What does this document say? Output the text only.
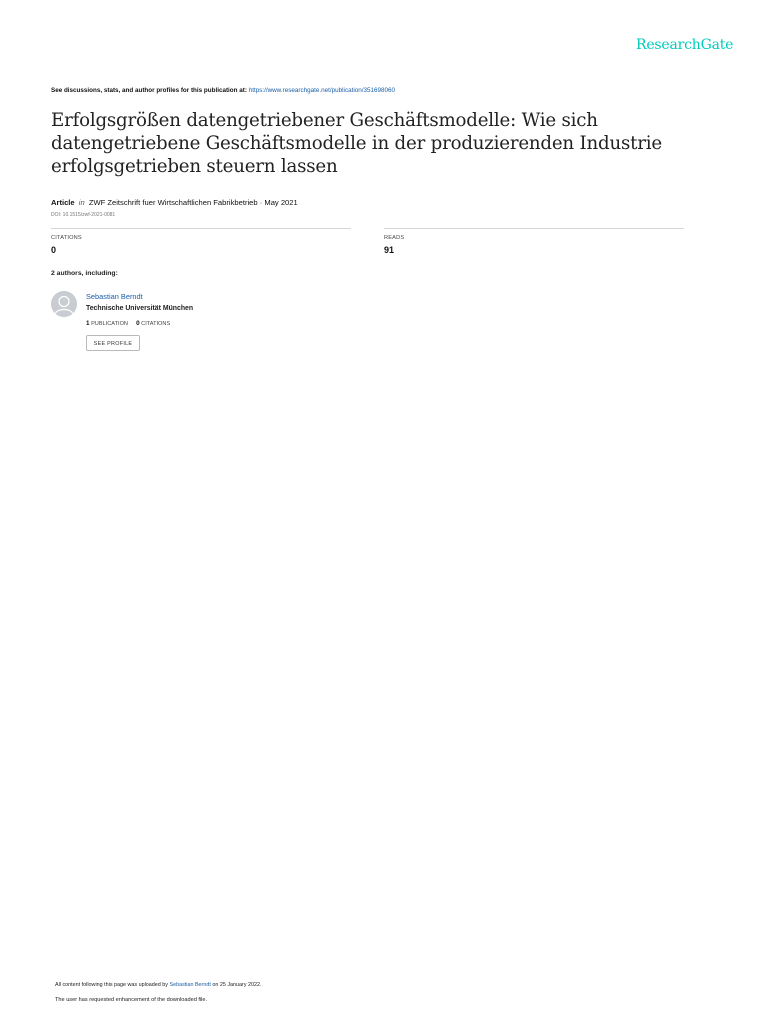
ResearchGate
See discussions, stats, and author profiles for this publication at: https://www.researchgate.net/publication/351698060
Erfolgsgrößen datengetriebener Geschäftsmodelle: Wie sich datengetriebene Geschäftsmodelle in der produzierenden Industrie erfolgsgetrieben steuern lassen
Article in ZWF Zeitschrift fuer Wirtschaftlichen Fabrikbetrieb · May 2021
DOI: 10.1515/zwf-2021-0081
CITATIONS
0
READS
91
2 authors, including:
Sebastian Berndt
Technische Universität München
1 PUBLICATION 0 CITATIONS
SEE PROFILE
All content following this page was uploaded by Sebastian Berndt on 25 January 2022.
The user has requested enhancement of the downloaded file.
